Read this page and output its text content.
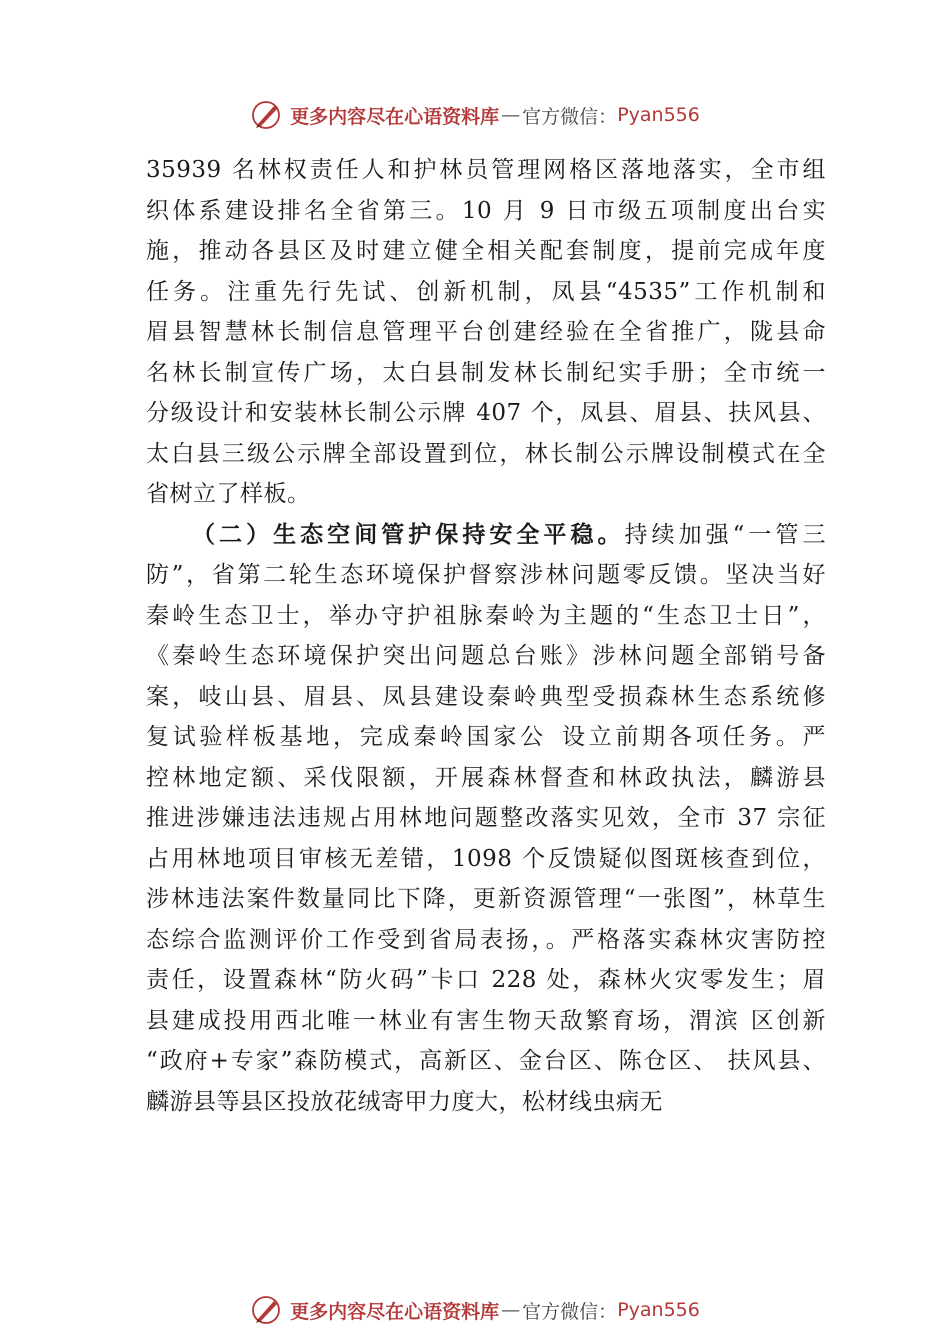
更多内容尽在心语资料库 — 官方微信： Pyan556
35939 名林权责任人和护林员管理网格区落地落实，全市组
织体系建设排名全省第三。10 月 9 日市级五项制度出台实
施，推动各县区及时建立健全相关配套制度，提前完成年度
任务。注重先行先试、创新机制，凤县“4535”工作机制和
眉县智慧林长制信息管理平台创建经验在全省推广，陇县命
名林长制宣传广场，太白县制发林长制纪实手册；全市统一
分级设计和安装林长制公示牌 407 个，凤县、眉县、扶风县、
太白县三级公示牌全部设置到位，林长制公示牌设制模式在全
省树立了样板。
（二）生态空间管护保持安全平稳。持续加强“一管三
防”，省第二轮生态环境保护督察涉林问题零反馈。坚决当好
秦岭生态卫士，举办守护祖脉秦岭为主题的“生态卫士日”，
《秦岭生态环境保护突出问题总台账》涉林问题全部销号备
案，岐山县、眉县、凤县建设秦岭典型受损森林生态系统修
复试验样板基地，完成秦岭国家公 设立前期各项任务。严
控林地定额、采伐限额，开展森林督查和林政执法，麟游县
推进涉嫌违法违规占用林地问题整改落实见效，全市 37 宗征
占用林地项目审核无差错，1098 个反馈疑似图斑核查到位，
涉林违法案件数量同比下降，更新资源管理“一张图”，林草生
态综合监测评价工作受到省局表扬，。严格落实森林灾害防控
责任，设置森林“防火码”卡口 228 处，森林火灾零发生；眉
县建成投用西北唯一林业有害生物天敌繁育场，渭滨 区创新
“政府+专家”森防模式，高新区、金台区、陈仓区、 扶风县、
麟游县等县区投放花绒寄甲力度大，松材线虫病无
更多内容尽在心语资料库 — 官方微信： Pyan556
